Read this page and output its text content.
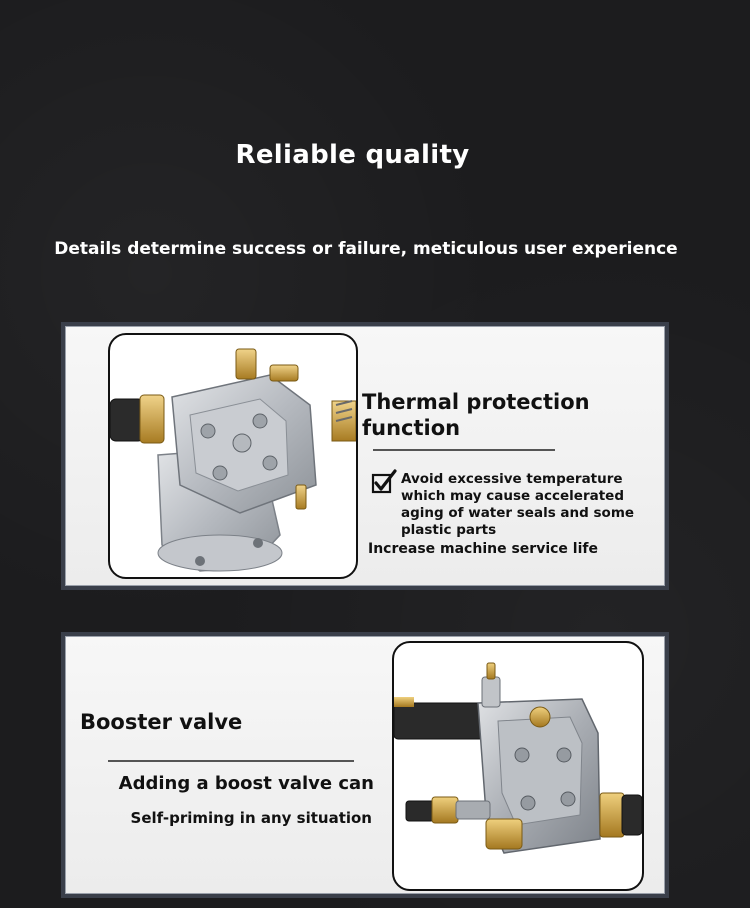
Reliable quality
Details determine success or failure, meticulous user experience
Thermal protection function
Avoid excessive temperature which may cause accelerated aging of water seals and some plastic parts
Increase machine service life
Booster valve
Adding a boost valve can
Self-priming in any situation
